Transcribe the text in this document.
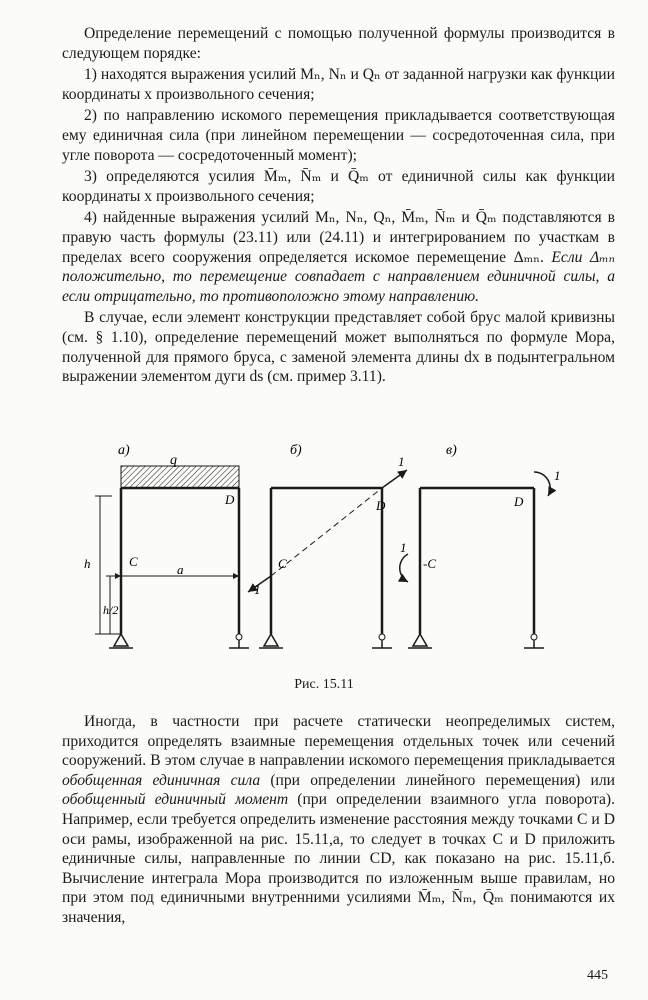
Определение перемещений с помощью полученной формулы производится в следующем порядке:

1) находятся выражения усилий Mₙ, Nₙ и Qₙ от заданной нагрузки как функции координаты x произвольного сечения;

2) по направлению искомого перемещения прикладывается соответствующая ему единичная сила (при линейном перемещении — сосредоточенная сила, при угле поворота — сосредоточенный момент);

3) определяются усилия M̄ₘ, N̄ₘ и Q̄ₘ от единичной силы как функции координаты x произвольного сечения;

4) найденные выражения усилий Mₙ, Nₙ, Qₙ, M̄ₘ, N̄ₘ и Q̄ₘ подставляются в правую часть формулы (23.11) или (24.11) и интегрированием по участкам в пределах всего сооружения определяется искомое перемещение Δₘₙ. Если Δₘₙ положительно, то перемещение совпадает с направлением единичной силы, а если отрицательно, то противоположно этому направлению.

В случае, если элемент конструкции представляет собой брус малой кривизны (см. § 1.10), определение перемещений может выполняться по формуле Мора, полученной для прямого бруса, с заменой элемента длины dx в подынтегральном выражении элементом дуги ds (см. пример 3.11).

а)
q
D
C
a
h
h/2
б)
1
1
D
C
в)
1
D
1
-C
Рис. 15.11

Иногда, в частности при расчете статически неопределимых систем, приходится определять взаимные перемещения отдельных точек или сечений сооружений. В этом случае в направлении искомого перемещения прикладывается обобщенная единичная сила (при определении линейного перемещения) или обобщенный единичный момент (при определении взаимного угла поворота). Например, если требуется определить изменение расстояния между точками C и D оси рамы, изображенной на рис. 15.11,а, то следует в точках C и D приложить единичные силы, направленные по линии CD, как показано на рис. 15.11,б. Вычисление интеграла Мора производится по изложенным выше правилам, но при этом под единичными внутренними усилиями M̄ₘ, N̄ₘ, Q̄ₘ понимаются их значения,

445
